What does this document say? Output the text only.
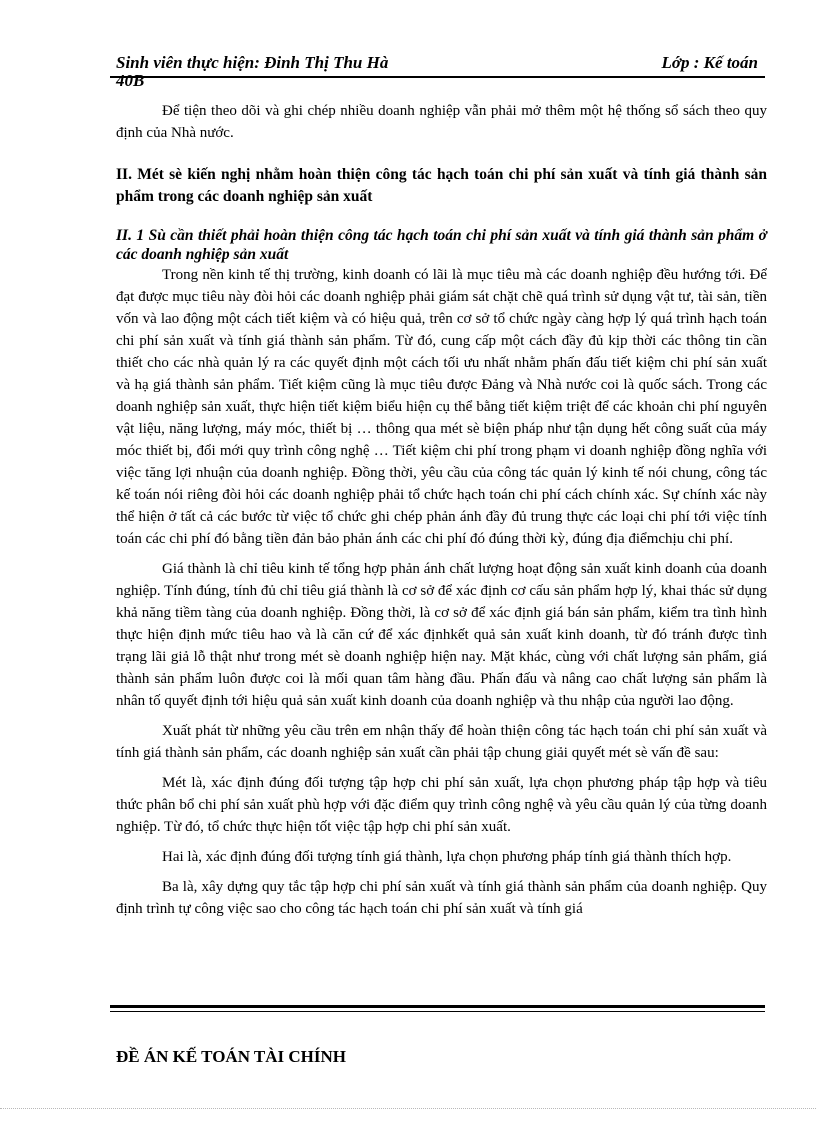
Sinh viên thực hiện: Đinh Thị Thu Hà	Lớp : Kế toán
40B

Để tiện theo dõi và ghi chép nhiều doanh nghiệp vẫn phải mở thêm một hệ thống sổ sách theo quy định của Nhà nước.

II. Mét sè kiến nghị nhằm hoàn thiện công tác hạch toán chi phí sản xuất và tính giá thành sản phẩm trong các doanh nghiệp sản xuất

II. 1 Sù cần thiết phải hoàn thiện công tác hạch toán chi phí sản xuất và tính giá thành sản phẩm ở các doanh nghiệp sản xuất

Trong nền kinh tế thị trường, kinh doanh có lãi là mục tiêu mà các doanh nghiệp đều hướng tới. Để đạt được mục tiêu này đòi hỏi các doanh nghiệp phải giám sát chặt chẽ quá trình sử dụng vật tư, tài sản, tiền vốn và lao động một cách tiết kiệm và có hiệu quả, trên cơ sở tổ chức ngày càng hợp lý quá trình hạch toán chi phí sản xuất và tính giá thành sản phẩm. Từ đó, cung cấp một cách đầy đủ kịp thời các thông tin cần thiết cho các nhà quản lý ra các quyết định một cách tối ưu nhất nhằm phấn đấu tiết kiệm chi phí sản xuất và hạ giá thành sản phẩm. Tiết kiệm cũng là mục tiêu được Đảng và Nhà nước coi là quốc sách. Trong các doanh nghiệp sản xuất, thực hiện tiết kiệm biểu hiện cụ thể bằng tiết kiệm triệt để các khoản chi phí nguyên vật liệu, năng lượng, máy móc, thiết bị … thông qua mét sè biện pháp như tận dụng hết công suất của máy móc thiết bị, đổi mới quy trình công nghệ … Tiết kiệm chi phí trong phạm vi doanh nghiệp đồng nghĩa với việc tăng lợi nhuận của doanh nghiệp. Đồng thời, yêu cầu của công tác quản lý kinh tế nói chung, công tác kế toán nói riêng đòi hỏi các doanh nghiệp phải tổ chức hạch toán chi phí cách chính xác. Sự chính xác này thể hiện ở tất cả các bước từ việc tổ chức ghi chép phản ánh đầy đủ trung thực các loại chi phí tới việc tính toán các chi phí đó bằng tiền đản bảo phản ánh các chi phí đó đúng thời kỳ, đúng địa điểmchịu chi phí.

Giá thành là chỉ tiêu kinh tế tổng hợp phản ánh chất lượng hoạt động sản xuất kinh doanh của doanh nghiệp. Tính đúng, tính đủ chỉ tiêu giá thành là cơ sở để xác định cơ cấu sản phẩm hợp lý, khai thác sử dụng khả năng tiềm tàng của doanh nghiệp. Đồng thời, là cơ sở để xác định giá bán sản phẩm, kiểm tra tình hình thực hiện định mức tiêu hao và là căn cứ để xác địnhkết quả sản xuất kinh doanh, từ đó tránh được tình trạng lãi giả lỗ thật như trong mét sè doanh nghiệp hiện nay. Mặt khác, cùng với chất lượng sản phẩm, giá thành sản phẩm luôn được coi là mối quan tâm hàng đầu. Phấn đấu và nâng cao chất lượng sản phẩm là nhân tố quyết định tới hiệu quả sản xuất kinh doanh của doanh nghiệp và thu nhập của người lao động.

Xuất phát từ những yêu cầu trên em nhận thấy để hoàn thiện công tác hạch toán chi phí sản xuất và tính giá thành sản phẩm, các doanh nghiệp sản xuất cần phải tập chung giải quyết mét sè vấn đề sau:

Mét là, xác định đúng đối tượng tập hợp chi phí sản xuất, lựa chọn phương pháp tập hợp và tiêu thức phân bổ chi phí sản xuất phù hợp với đặc điểm quy trình công nghệ và yêu cầu quản lý của từng doanh nghiệp. Từ đó, tổ chức thực hiện tốt việc tập hợp chi phí sản xuất.

Hai là, xác định đúng đối tượng tính giá thành, lựa chọn phương pháp tính giá thành thích hợp.

Ba là, xây dựng quy tắc tập hợp chi phí sản xuất và tính giá thành sản phẩm của doanh nghiệp. Quy định trình tự công việc sao cho công tác hạch toán chi phí sản xuất và tính giá

ĐỀ ÁN KẾ TOÁN TÀI CHÍNH
